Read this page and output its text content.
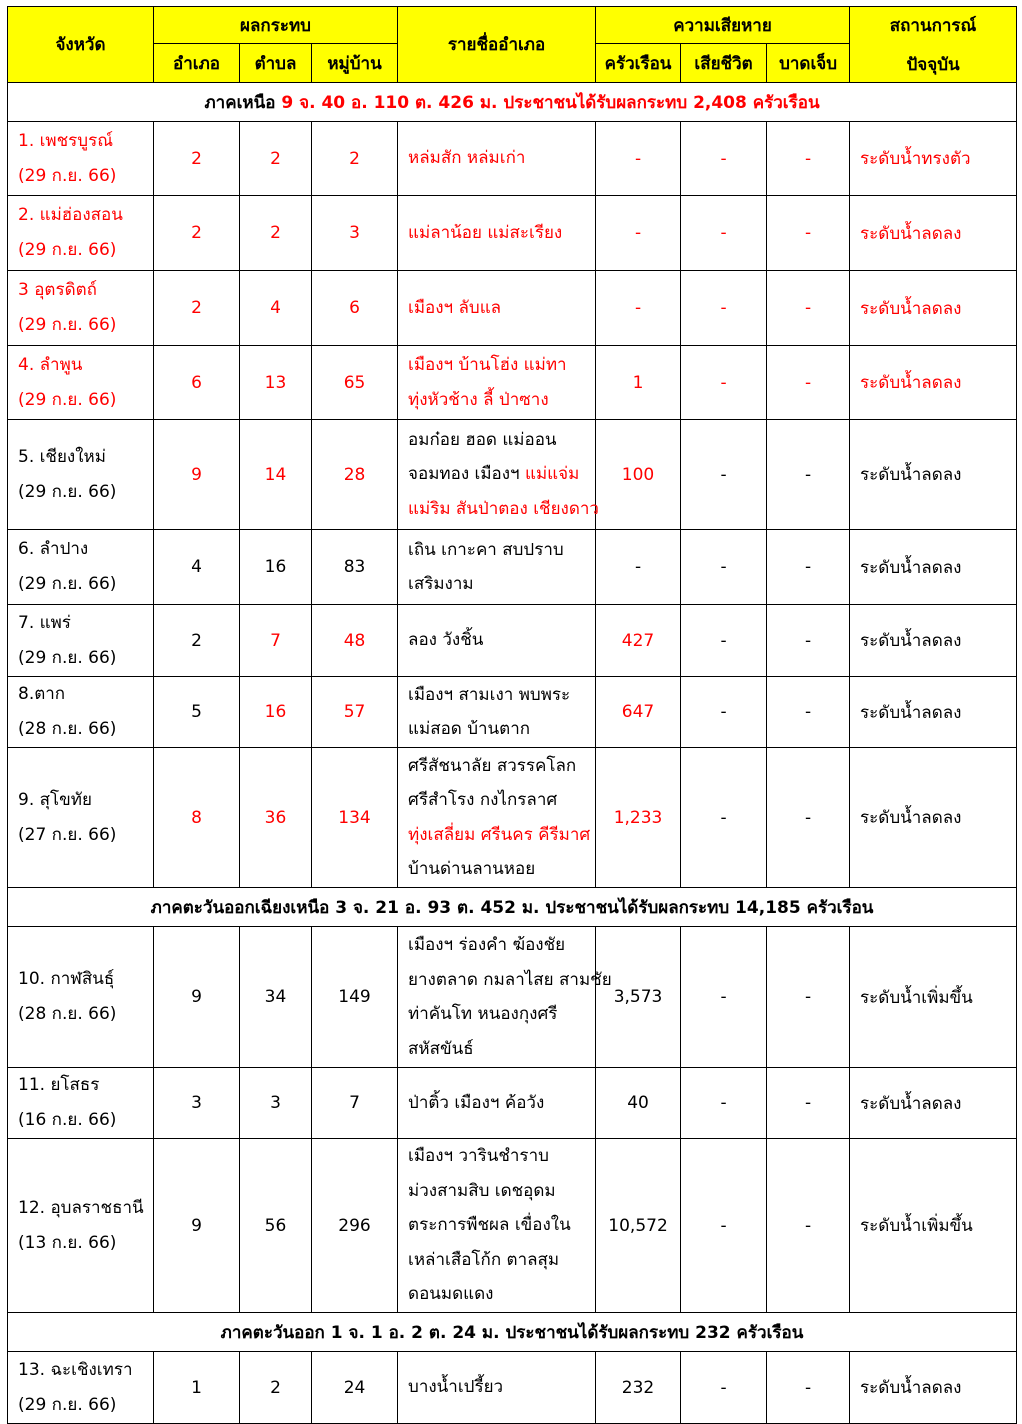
จังหวัด	ผลกระทบ			รายชื่ออำเภอ	ความเสียหาย			สถานการณ์
ปัจจุบัน

	อำเภอ	ตำบล	หมู่บ้าน		ครัวเรือน	เสียชีวิต	บาดเจ็บ	
ภาคเหนือ 9 จ. 40 อ. 110 ต. 426 ม. ประชาชนได้รับผลกระทบ 2,408 ครัวเรือน								

1. เพชรบูรณ์
(29 ก.ย. 66)	2	2	2	หล่มสัก หล่มเก่า	-	-	-	ระดับน้ำทรงตัว

2. แม่ฮ่องสอน
(29 ก.ย. 66)	2	2	3	แม่ลาน้อย แม่สะเรียง	-	-	-	ระดับน้ำลดลง

3 อุตรดิตถ์
(29 ก.ย. 66)	2	4	6	เมืองฯ ลับแล	-	-	-	ระดับน้ำลดลง

4. ลำพูน
(29 ก.ย. 66)	6	13	65	เมืองฯ บ้านโฮ่ง แม่ทา
ทุ่งหัวช้าง ลี้ ป่าซาง	1	-	-	ระดับน้ำลดลง

5. เชียงใหม่
(29 ก.ย. 66)	9	14	28	อมก๋อย ฮอด แม่ออน
จอมทอง เมืองฯ แม่แจ่ม
แม่ริม สันป่าตอง เชียงดาว	100	-	-	ระดับน้ำลดลง

6. ลำปาง
(29 ก.ย. 66)	4	16	83	เถิน เกาะคา สบปราบ
เสริมงาม	-	-	-	ระดับน้ำลดลง

7. แพร่
(29 ก.ย. 66)	2	7	48	ลอง วังชิ้น	427	-	-	ระดับน้ำลดลง

8.ตาก
(28 ก.ย. 66)	5	16	57	เมืองฯ สามเงา พบพระ
แม่สอด บ้านตาก	647	-	-	ระดับน้ำลดลง

9. สุโขทัย
(27 ก.ย. 66)	8	36	134	ศรีสัชนาลัย สวรรคโลก
ศรีสำโรง กงไกรลาศ
ทุ่งเสลี่ยม ศรีนคร คีรีมาศ
บ้านด่านลานหอย	1,233	-	-	ระดับน้ำลดลง
ภาคตะวันออกเฉียงเหนือ 3 จ. 21 อ. 93 ต. 452 ม. ประชาชนได้รับผลกระทบ 14,185 ครัวเรือน								

10. กาฬสินธุ์
(28 ก.ย. 66)	9	34	149	เมืองฯ ร่องคำ ฆ้องชัย
ยางตลาด กมลาไสย สามชัย
ท่าคันโท หนองกุงศรี
สหัสขันธ์	3,573	-	-	ระดับน้ำเพิ่มขึ้น

11. ยโสธร
(16 ก.ย. 66)	3	3	7	ป่าติ้ว เมืองฯ ค้อวัง	40	-	-	ระดับน้ำลดลง

12. อุบลราชธานี
(13 ก.ย. 66)	9	56	296	เมืองฯ วารินชำราบ
ม่วงสามสิบ เดชอุดม
ตระการพืชผล เขื่องใน
เหล่าเสือโก้ก ตาลสุม
ดอนมดแดง	10,572	-	-	ระดับน้ำเพิ่มขึ้น
ภาคตะวันออก 1 จ. 1 อ. 2 ต. 24 ม. ประชาชนได้รับผลกระทบ 232 ครัวเรือน								

13. ฉะเชิงเทรา
(29 ก.ย. 66)	1	2	24	บางน้ำเปรี้ยว	232	-	-	ระดับน้ำลดลง
